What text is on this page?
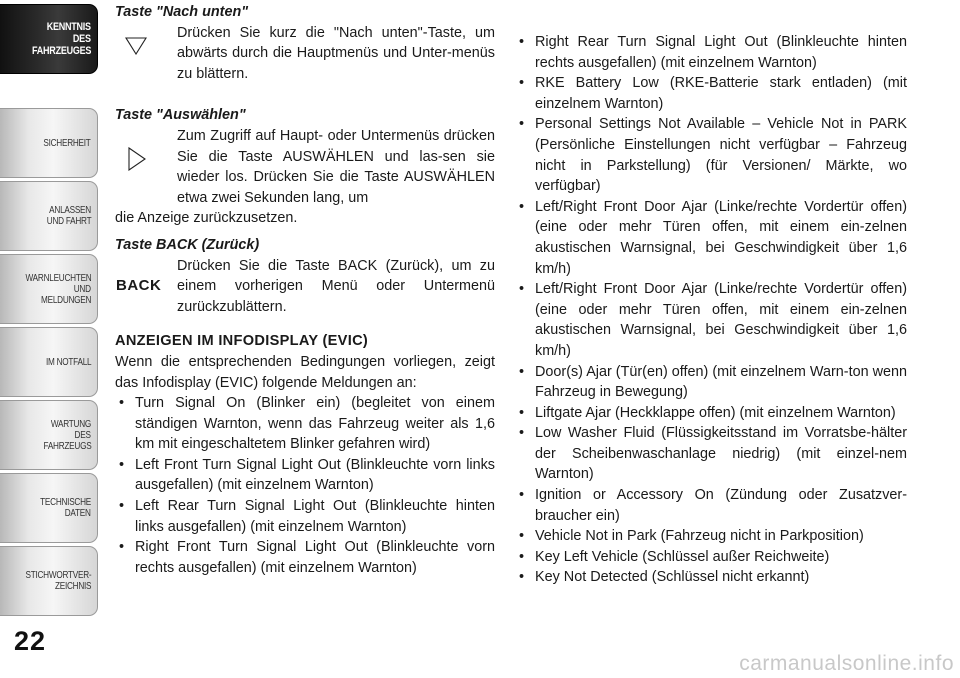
KENNTNIS
DES
FAHRZEUGES
SICHERHEIT
ANLASSEN
UND FAHRT
WARNLEUCHTEN
UND
MELDUNGEN
IM NOTFALL
WARTUNG
DES
FAHRZEUGS
TECHNISCHE
DATEN
STICHWORTVER-
ZEICHNIS
22
Taste "Nach unten"
Drücken Sie kurz die "Nach unten"-Taste, um abwärts durch die Hauptmenüs und Unter-menüs zu blättern.
Taste "Auswählen"
Zum Zugriff auf Haupt- oder Untermenüs drücken Sie die Taste AUSWÄHLEN und las-sen sie wieder los. Drücken Sie die Taste AUSWÄHLEN etwa zwei Sekunden lang, um
die Anzeige zurückzusetzen.
Taste BACK (Zurück)
BACK
Drücken Sie die Taste BACK (Zurück), um zu einem vorherigen Menü oder Untermenü zurückzublättern.
ANZEIGEN IM INFODISPLAY (EVIC)
Wenn die entsprechenden Bedingungen vorliegen, zeigt das Infodisplay (EVIC) folgende Meldungen an:
• Turn Signal On (Blinker ein) (begleitet von einem ständigen Warnton, wenn das Fahrzeug weiter als 1,6 km mit eingeschaltetem Blinker gefahren wird)
• Left Front Turn Signal Light Out (Blinkleuchte vorn links ausgefallen) (mit einzelnem Warnton)
• Left Rear Turn Signal Light Out (Blinkleuchte hinten links ausgefallen) (mit einzelnem Warnton)
• Right Front Turn Signal Light Out (Blinkleuchte vorn rechts ausgefallen) (mit einzelnem Warnton)
• Right Rear Turn Signal Light Out (Blinkleuchte hinten rechts ausgefallen) (mit einzelnem Warnton)
• RKE Battery Low (RKE-Batterie stark entladen) (mit einzelnem Warnton)
• Personal Settings Not Available – Vehicle Not in PARK (Persönliche Einstellungen nicht verfügbar – Fahrzeug nicht in Parkstellung) (für Versionen/ Märkte, wo verfügbar)
• Left/Right Front Door Ajar (Linke/rechte Vordertür offen) (eine oder mehr Türen offen, mit einem ein-zelnen akustischen Warnsignal, bei Geschwindigkeit über 1,6 km/h)
• Left/Right Front Door Ajar (Linke/rechte Vordertür offen) (eine oder mehr Türen offen, mit einem ein-zelnen akustischen Warnsignal, bei Geschwindigkeit über 1,6 km/h)
• Door(s) Ajar (Tür(en) offen) (mit einzelnem Warn-ton wenn Fahrzeug in Bewegung)
• Liftgate Ajar (Heckklappe offen) (mit einzelnem Warnton)
• Low Washer Fluid (Flüssigkeitsstand im Vorratsbe-hälter der Scheibenwaschanlage niedrig) (mit einzel-nem Warnton)
• Ignition or Accessory On (Zündung oder Zusatzver-braucher ein)
• Vehicle Not in Park (Fahrzeug nicht in Parkposition)
• Key Left Vehicle (Schlüssel außer Reichweite)
• Key Not Detected (Schlüssel nicht erkannt)
carmanualsonline.info
